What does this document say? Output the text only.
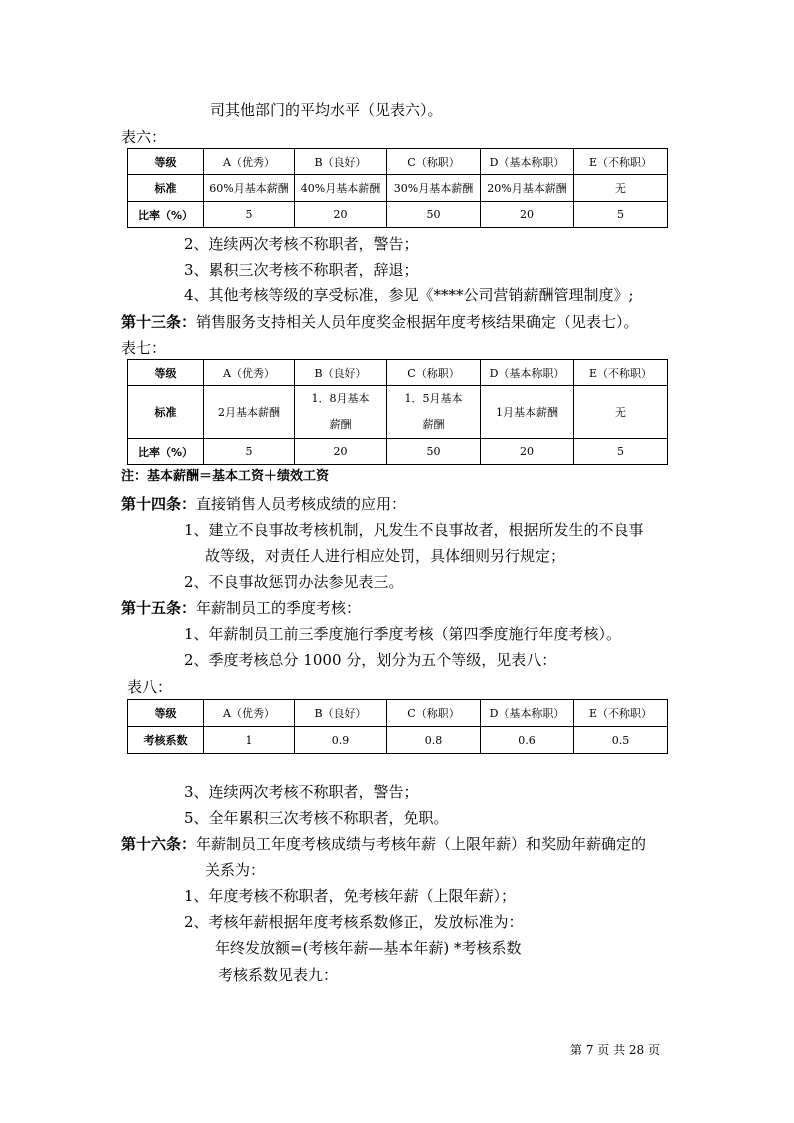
司其他部门的平均水平（见表六）。
表六：
等级	A（优秀）	B（良好）	C（称职）	D（基本称职）	E（不称职）
标准	60%月基本薪酬	40%月基本薪酬	30%月基本薪酬	20%月基本薪酬	无
比率（%）	5	20	50	20	5
2、连续两次考核不称职者，警告；
3、累积三次考核不称职者，辞退；
4、其他考核等级的享受标准，参见《****公司营销薪酬管理制度》;
第十三条：销售服务支持相关人员年度奖金根据年度考核结果确定（见表七）。
表七：
等级	A（优秀）	B（良好）	C（称职）	D（基本称职）	E（不称职）
标准	2月基本薪酬	1．8月基本薪酬	1．5月基本薪酬	1月基本薪酬	无
比率（%）	5	20	50	20	5
注：基本薪酬＝基本工资＋绩效工资
第十四条：直接销售人员考核成绩的应用：
1、建立不良事故考核机制，凡发生不良事故者，根据所发生的不良事
故等级，对责任人进行相应处罚，具体细则另行规定；
2、不良事故惩罚办法参见表三。
第十五条：年薪制员工的季度考核：
1、年薪制员工前三季度施行季度考核（第四季度施行年度考核）。
2、季度考核总分 1000 分，划分为五个等级，见表八：
表八：
等级	A（优秀）	B（良好）	C（称职）	D（基本称职）	E（不称职）
考核系数	1	0.9	0.8	0.6	0.5
3、连续两次考核不称职者，警告；
5、全年累积三次考核不称职者，免职。
第十六条：年薪制员工年度考核成绩与考核年薪（上限年薪）和奖励年薪确定的
关系为：
1、年度考核不称职者，免考核年薪（上限年薪）；
2、考核年薪根据年度考核系数修正，发放标准为：
年终发放额=(考核年薪—基本年薪) *考核系数
考核系数见表九：
第 7 页 共 28 页
